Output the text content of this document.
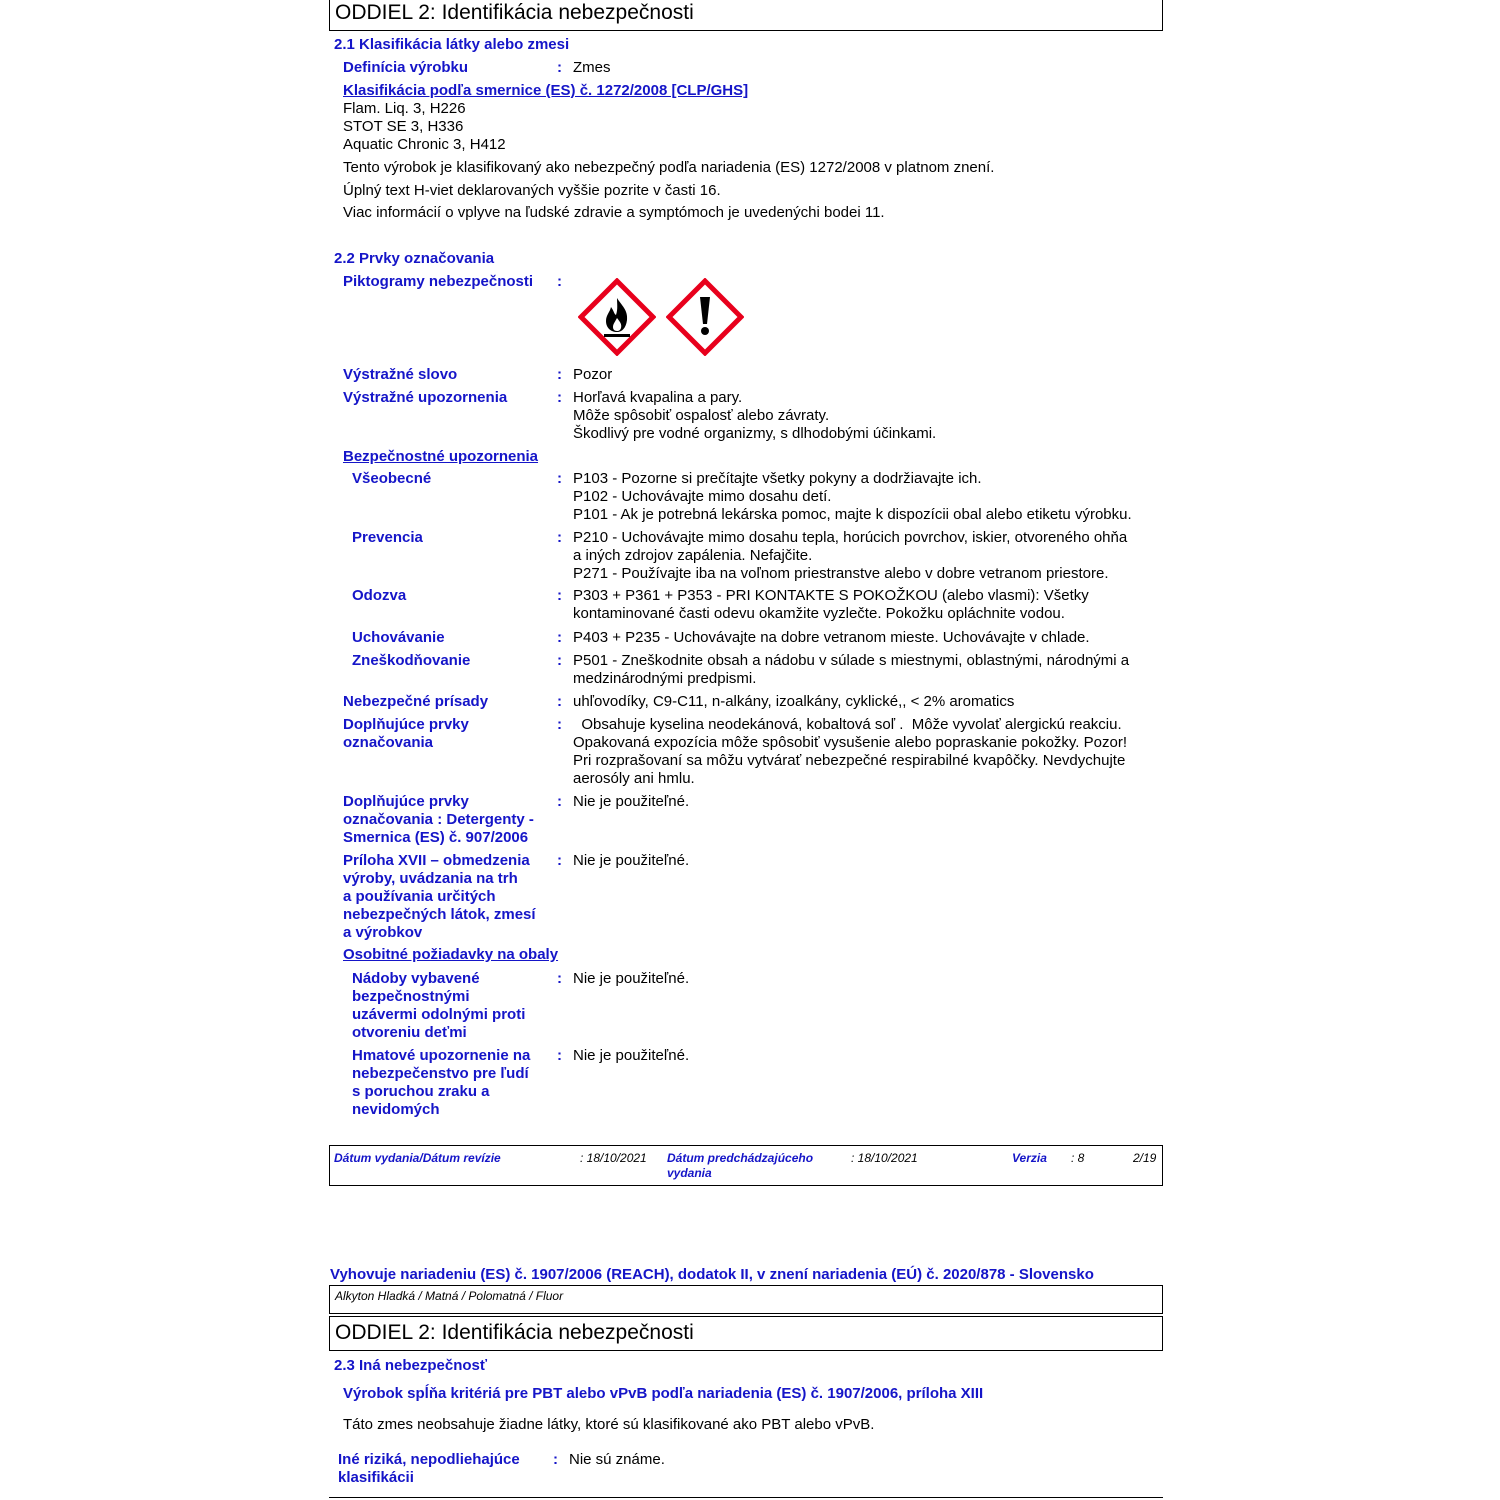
ODDIEL 2: Identifikácia nebezpečnosti
2.1 Klasifikácia látky alebo zmesi
Definícia výrobku	: Zmes
Klasifikácia podľa smernice (ES) č. 1272/2008 [CLP/GHS]
Flam. Liq. 3, H226
STOT SE 3, H336
Aquatic Chronic 3, H412
Tento výrobok je klasifikovaný ako nebezpečný podľa nariadenia (ES) 1272/2008 v platnom znení.
Úplný text H-viet deklarovaných vyššie pozrite v časti 16.
Viac informácií o vplyve na ľudské zdravie a symptómoch je uvedenýchi bodei 11.
2.2 Prvky označovania
Piktogramy nebezpečnosti	:
Výstražné slovo	: Pozor
Výstražné upozornenia	: Horľavá kvapalina a pary.
Môže spôsobiť ospalosť alebo závraty.
Škodlivý pre vodné organizmy, s dlhodobými účinkami.
Bezpečnostné upozornenia
Všeobecné	: P103 - Pozorne si prečítajte všetky pokyny a dodržiavajte ich.
P102 - Uchovávajte mimo dosahu detí.
P101 - Ak je potrebná lekárska pomoc, majte k dispozícii obal alebo etiketu výrobku.
Prevencia	: P210 - Uchovávajte mimo dosahu tepla, horúcich povrchov, iskier, otvoreného ohňa
a iných zdrojov zapálenia. Nefajčite.
P271 - Používajte iba na voľnom priestranstve alebo v dobre vetranom priestore.
Odozva	: P303 + P361 + P353 - PRI KONTAKTE S POKOŽKOU (alebo vlasmi): Všetky
kontaminované časti odevu okamžite vyzlečte. Pokožku opláchnite vodou.
Uchovávanie	: P403 + P235 - Uchovávajte na dobre vetranom mieste. Uchovávajte v chlade.
Zneškodňovanie	: P501 - Zneškodnite obsah a nádobu v súlade s miestnymi, oblastnými, národnými a
medzinárodnými predpismi.
Nebezpečné prísady	: uhľovodíky, C9-C11, n-alkány, izoalkány, cyklické,, < 2% aromatics
Doplňujúce prvky
označovania
: Obsahuje kyselina neodekánová, kobaltová soľ .  Môže vyvolať alergickú reakciu.
Opakovaná expozícia môže spôsobiť vysušenie alebo popraskanie pokožky. Pozor!
Pri rozprašovaní sa môžu vytvárať nebezpečné respirabilné kvapôčky. Nevdychujte
aerosóly ani hmlu.
Doplňujúce prvky
označovania : Detergenty -
Smernica (ES) č. 907/2006
: Nie je použiteľné.
Príloha XVII – obmedzenia
výroby, uvádzania na trh
a používania určitých
nebezpečných látok, zmesí
a výrobkov
: Nie je použiteľné.
Osobitné požiadavky na obaly
Nádoby vybavené
bezpečnostnými
uzávermi odolnými proti
otvoreniu deťmi
: Nie je použiteľné.
Hmatové upozornenie na
nebezpečenstvo pre ľudí
s poruchou zraku a
nevidomých
: Nie je použiteľné.
Dátum vydania/Dátum revízie	: 18/10/2021 Dátum predchádzajúceho
vydania
: 18/10/2021	Verzia : 8	2/19
Vyhovuje nariadeniu (ES) č. 1907/2006 (REACH), dodatok II, v znení nariadenia (EÚ) č. 2020/878 - Slovensko
Alkyton Hladká / Matná / Polomatná / Fluor
ODDIEL 2: Identifikácia nebezpečnosti
2.3 Iná nebezpečnosť
Výrobok spĺňa kritériá pre PBT alebo vPvB podľa nariadenia (ES) č. 1907/2006, príloha XIII
Táto zmes neobsahuje žiadne látky, ktoré sú klasifikované ako PBT alebo vPvB.
Iné riziká, nepodliehajúce
klasifikácii
: Nie sú známe.
